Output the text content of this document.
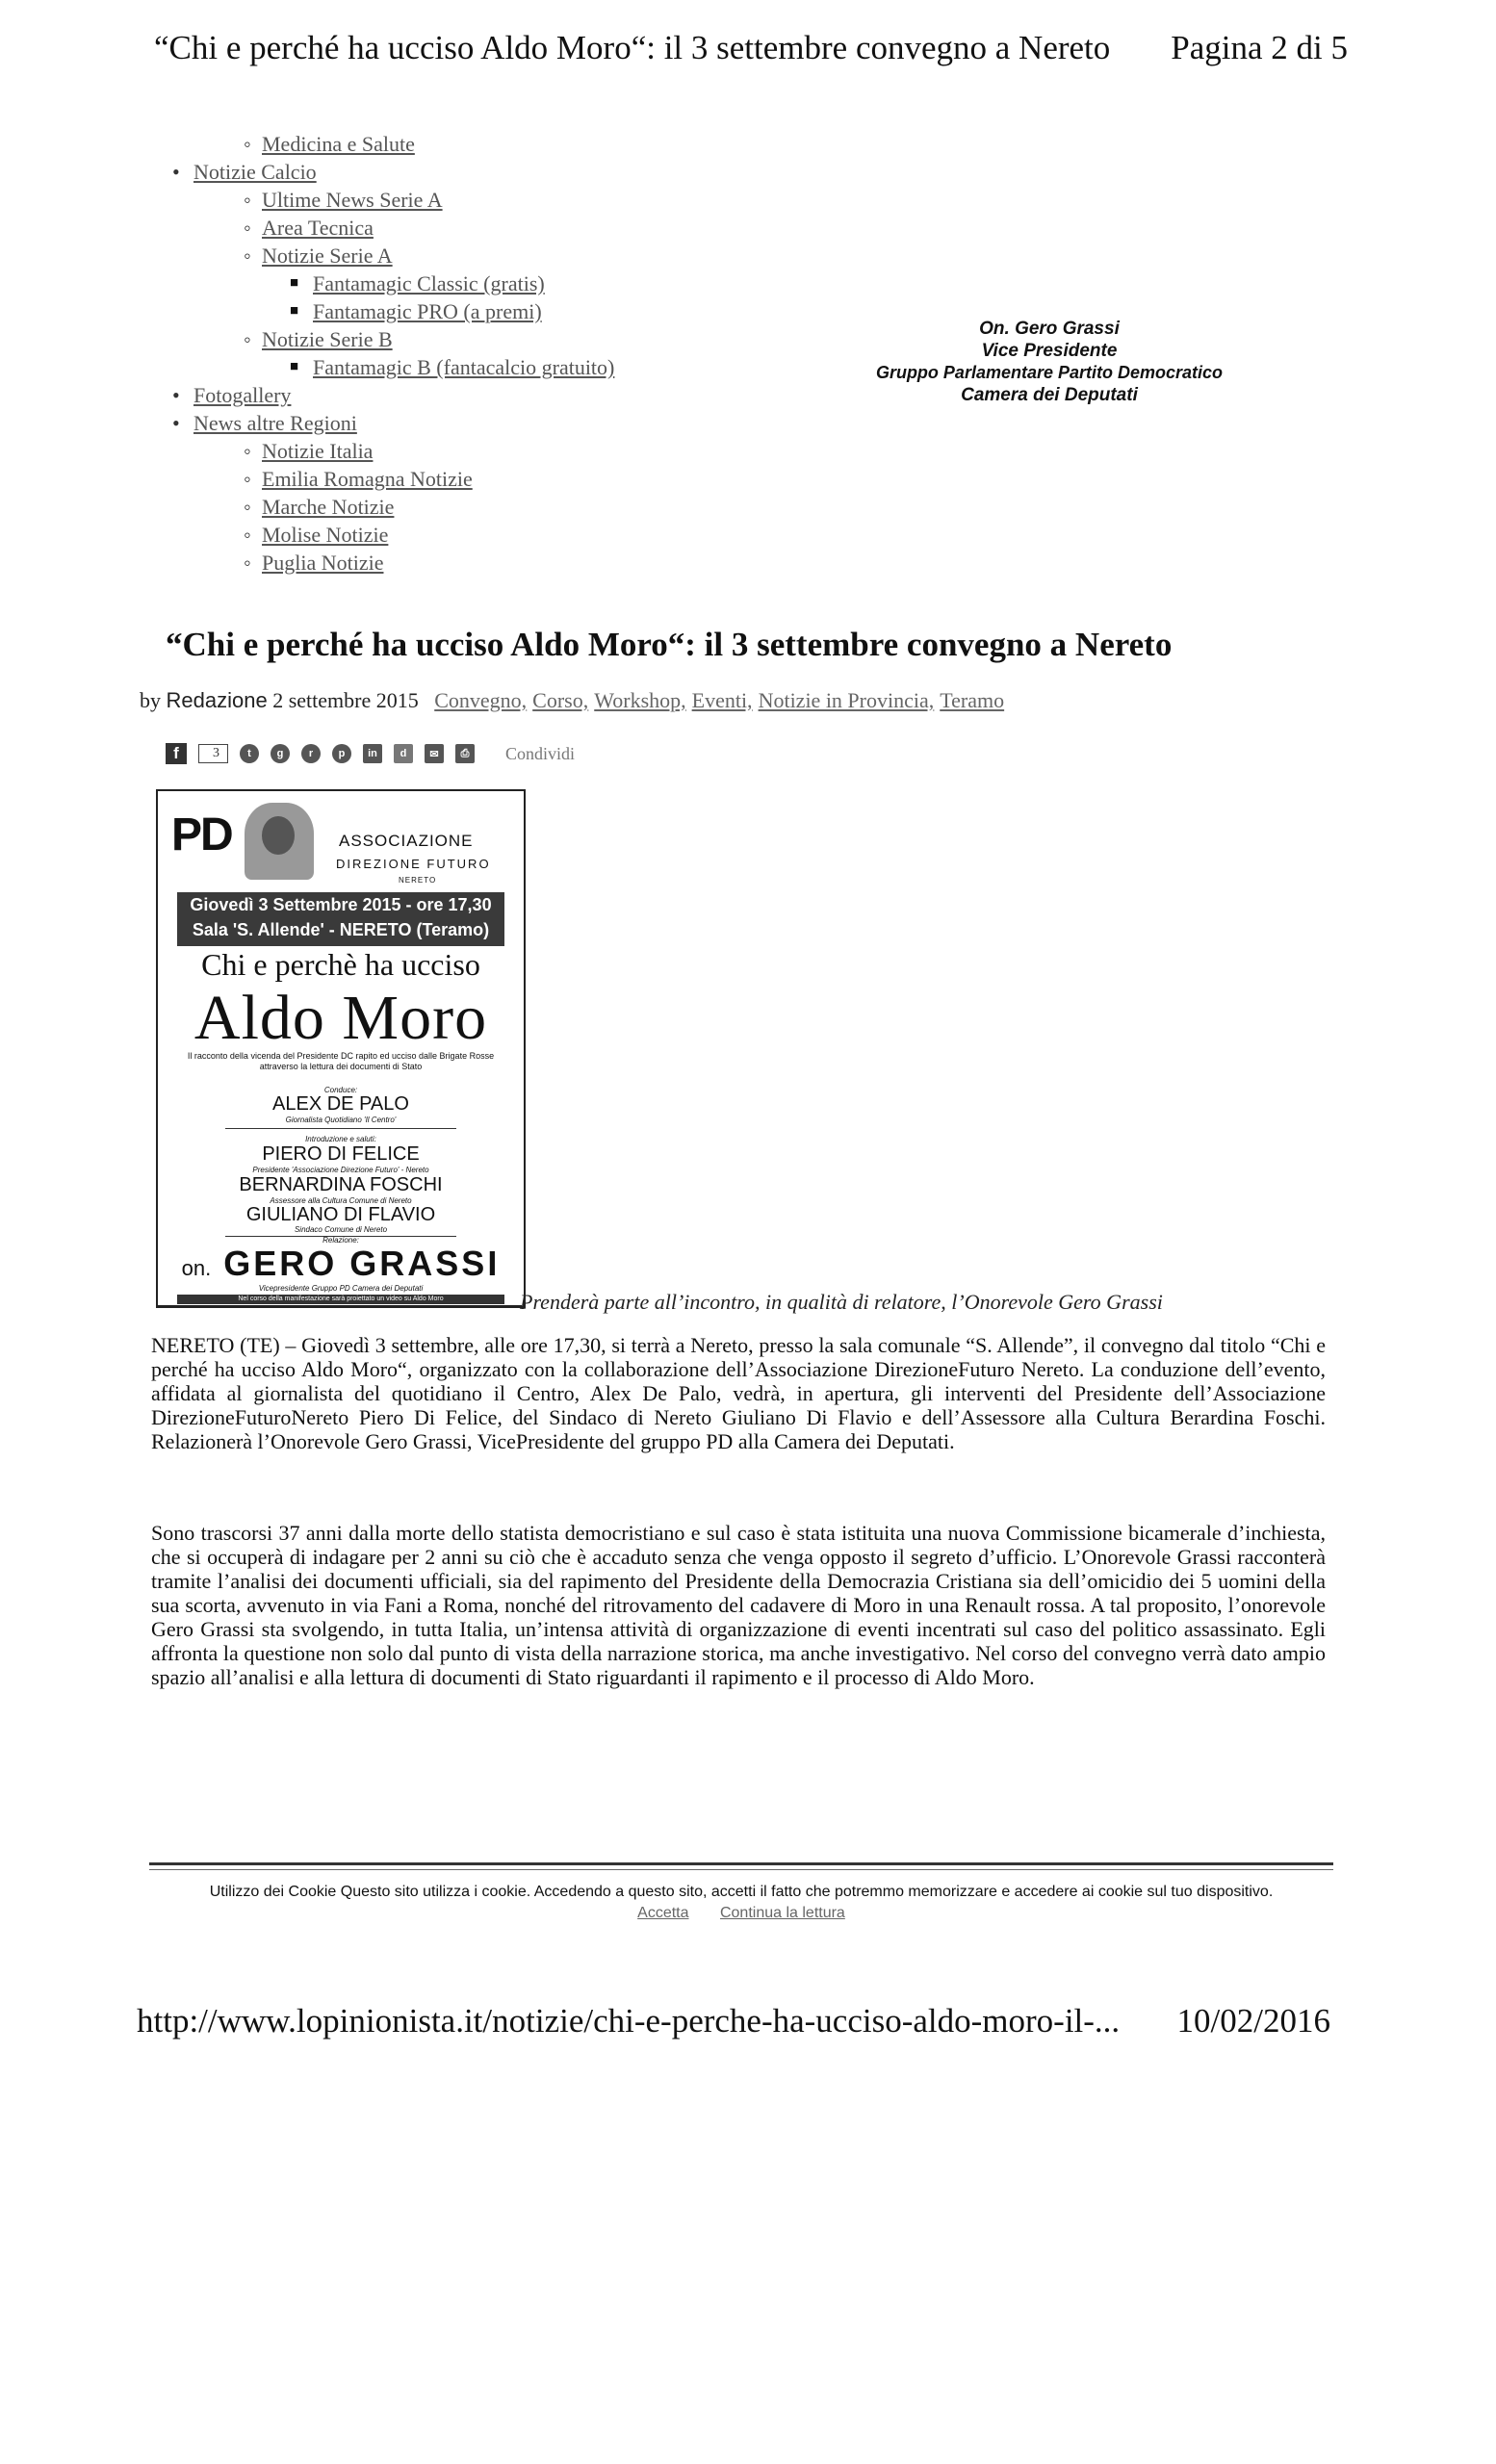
“Chi e perché ha ucciso Aldo Moro“: il 3 settembre convegno a Nereto Pagina 2 di 5
◦ Medicina e Salute
• Notizie Calcio
◦ Ultime News Serie A
◦ Area Tecnica
◦ Notizie Serie A
■ Fantamagic Classic (gratis)
■ Fantamagic PRO (a premi)
◦ Notizie Serie B
■ Fantamagic B (fantacalcio gratuito)
• Fotogallery
• News altre Regioni
◦ Notizie Italia
◦ Emilia Romagna Notizie
◦ Marche Notizie
◦ Molise Notizie
◦ Puglia Notizie
On. Gero Grassi
Vice Presidente
Gruppo Parlamentare Partito Democratico
Camera dei Deputati
“Chi e perché ha ucciso Aldo Moro“: il 3 settembre convegno a Nereto
by Redazione 2 settembre 2015 Convegno, Corso, Workshop, Eventi, Notizie in Provincia, Teramo
f	3	t	g	r	p	in	d	✉	⎙	Condividi
PD	ASSOCIAZIONE
DIREZIONE FUTURO
NERETO
Giovedì 3 Settembre 2015 - ore 17,30
Sala 'S. Allende' - NERETO (Teramo)
Chi e perchè ha ucciso
Aldo Moro
Il racconto della vicenda del Presidente DC rapito ed ucciso dalle Brigate Rosse attraverso la lettura dei documenti di Stato
Conduce:
ALEX DE PALO
Giornalista Quotidiano 'Il Centro'
Introduzione e saluti:
PIERO DI FELICE
Presidente 'Associazione Direzione Futuro' - Nereto
BERNARDINA FOSCHI
Assessore alla Cultura Comune di Nereto
GIULIANO DI FLAVIO
Sindaco Comune di Nereto
Relazione:
on. GERO GRASSI
Vicepresidente Gruppo PD Camera dei Deputati
Nel corso della manifestazione sarà proiettato un video su Aldo Moro	Prenderà parte all’incontro, in qualità di relatore, l’Onorevole Gero Grassi

NERETO (TE) – Giovedì 3 settembre, alle ore 17,30, si terrà a Nereto, presso la sala comunale “S. Allende”, il convegno dal titolo “Chi e perché ha ucciso Aldo Moro“, organizzato con la collaborazione dell’Associazione DirezioneFuturo Nereto. La conduzione dell’evento, affidata al giornalista del quotidiano il Centro, Alex De Palo, vedrà, in apertura, gli interventi del Presidente dell’Associazione DirezioneFuturoNereto Piero Di Felice, del Sindaco di Nereto Giuliano Di Flavio e dell’Assessore alla Cultura Berardina Foschi. Relazionerà l’Onorevole Gero Grassi, VicePresidente del gruppo PD alla Camera dei Deputati.

Sono trascorsi 37 anni dalla morte dello statista democristiano e sul caso è stata istituita una nuova Commissione bicamerale d’inchiesta, che si occuperà di indagare per 2 anni su ciò che è accaduto senza che venga opposto il segreto d’ufficio. L’Onorevole Grassi racconterà tramite l’analisi dei documenti ufficiali, sia del rapimento del Presidente della Democrazia Cristiana sia dell’omicidio dei 5 uomini della sua scorta, avvenuto in via Fani a Roma, nonché del ritrovamento del cadavere di Moro in una Renault rossa. A tal proposito, l’onorevole Gero Grassi sta svolgendo, in tutta Italia, un’intensa attività di organizzazione di eventi incentrati sul caso del politico assassinato. Egli affronta la questione non solo dal punto di vista della narrazione storica, ma anche investigativo. Nel corso del convegno verrà dato ampio spazio all’analisi e alla lettura di documenti di Stato riguardanti il rapimento e il processo di Aldo Moro.

Utilizzo dei Cookie Questo sito utilizza i cookie. Accedendo a questo sito, accetti il fatto che potremmo memorizzare e accedere ai cookie sul tuo dispositivo. Accetta Continua la lettura
http://www.lopinionista.it/notizie/chi-e-perche-ha-ucciso-aldo-moro-il-... 10/02/2016
